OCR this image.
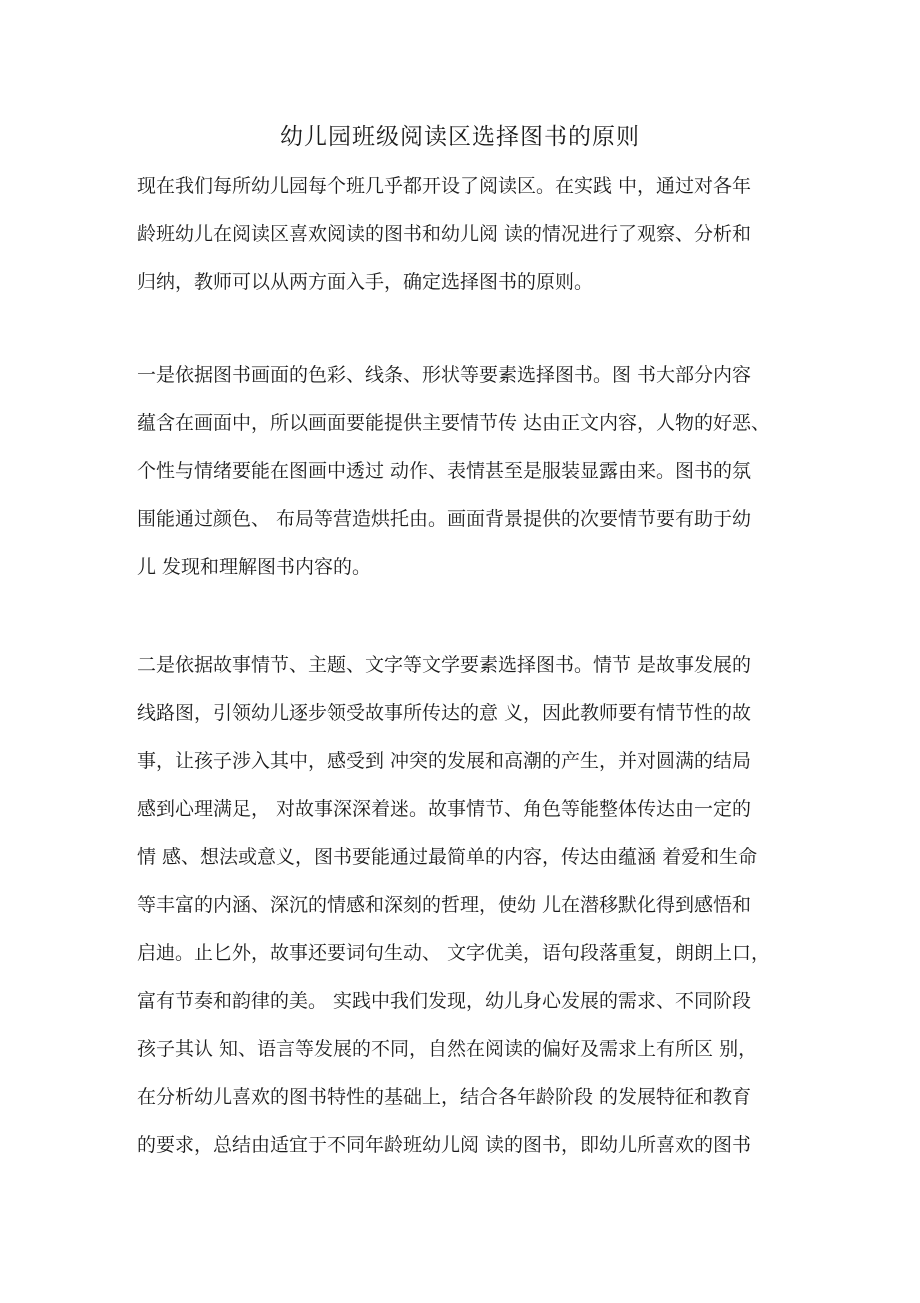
幼儿园班级阅读区选择图书的原则
现在我们每所幼儿园每个班几乎都开设了阅读区。在实践 中，通过对各年
龄班幼儿在阅读区喜欢阅读的图书和幼儿阅 读的情况进行了观察、分析和
归纳，教师可以从两方面入手，确定选择图书的原则。
一是依据图书画面的色彩、线条、形状等要素选择图书。图 书大部分内容
蕴含在画面中，所以画面要能提供主要情节传 达由正文内容，人物的好恶、
个性与情绪要能在图画中透过 动作、表情甚至是服装显露由来。图书的氛
围能通过颜色、 布局等营造烘托由。画面背景提供的次要情节要有助于幼
儿 发现和理解图书内容的。
二是依据故事情节、主题、文字等文学要素选择图书。情节 是故事发展的
线路图，引领幼儿逐步领受故事所传达的意 义，因此教师要有情节性的故
事，让孩子涉入其中，感受到 冲突的发展和高潮的产生，并对圆满的结局
感到心理满足， 对故事深深着迷。故事情节、角色等能整体传达由一定的
情 感、想法或意义，图书要能通过最简单的内容，传达由蕴涵 着爱和生命
等丰富的内涵、深沉的情感和深刻的哲理，使幼 儿在潜移默化得到感悟和
启迪。止匕外，故事还要词句生动、 文字优美，语句段落重复，朗朗上口，
富有节奏和韵律的美。 实践中我们发现，幼儿身心发展的需求、不同阶段
孩子其认 知、语言等发展的不同，自然在阅读的偏好及需求上有所区 别，
在分析幼儿喜欢的图书特性的基础上，结合各年龄阶段 的发展特征和教育
的要求，总结由适宜于不同年龄班幼儿阅 读的图书，即幼儿所喜欢的图书
